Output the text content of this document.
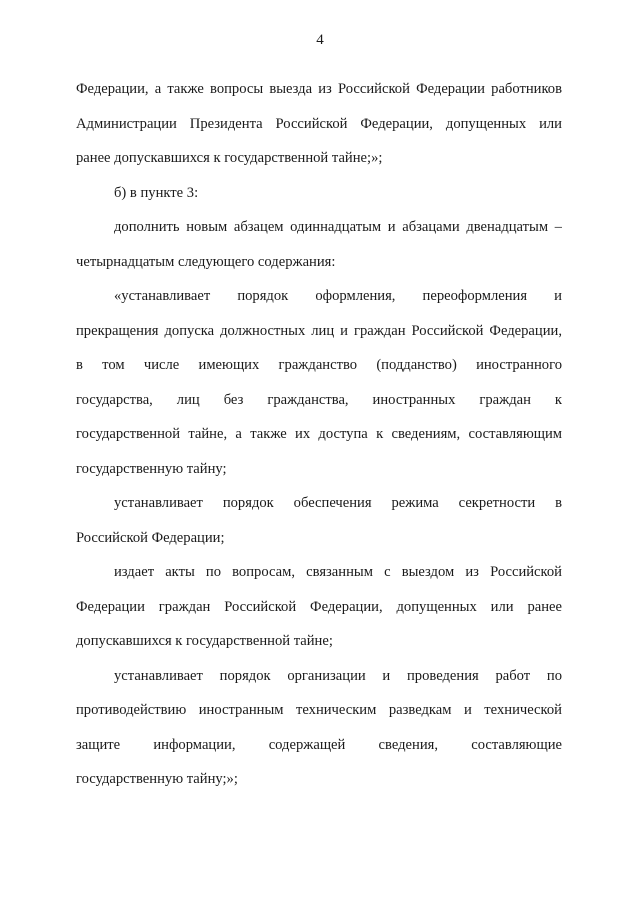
4
Федерации, а также вопросы выезда из Российской Федерации работников
Администрации Президента Российской Федерации, допущенных или
ранее допускавшихся к государственной тайне;»;
б) в пункте 3:
дополнить новым абзацем одиннадцатым и абзацами двенадцатым –
четырнадцатым следующего содержания:
«устанавливает порядок оформления, переоформления и
прекращения допуска должностных лиц и граждан Российской Федерации,
в том числе имеющих гражданство (подданство) иностранного
государства, лиц без гражданства, иностранных граждан к
государственной тайне, а также их доступа к сведениям, составляющим
государственную тайну;
устанавливает порядок обеспечения режима секретности в
Российской Федерации;
издает акты по вопросам, связанным с выездом из Российской
Федерации граждан Российской Федерации, допущенных или ранее
допускавшихся к государственной тайне;
устанавливает порядок организации и проведения работ по
противодействию иностранным техническим разведкам и технической
защите информации, содержащей сведения, составляющие
государственную тайну;»;
